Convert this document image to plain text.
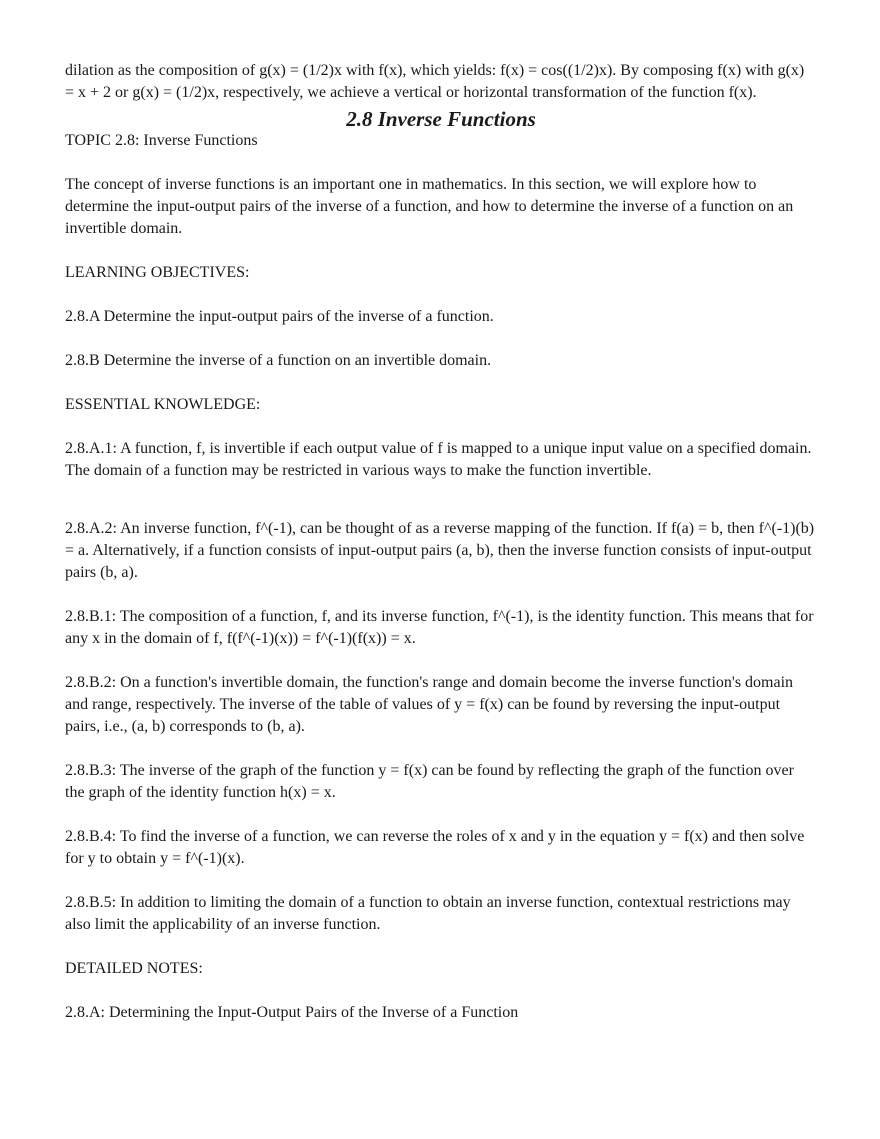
dilation as the composition of g(x) = (1/2)x with f(x), which yields: f(x) = cos((1/2)x). By composing f(x) with g(x) = x + 2 or g(x) = (1/2)x, respectively, we achieve a vertical or horizontal transformation of the function f(x).

2.8 Inverse Functions

TOPIC 2.8: Inverse Functions

The concept of inverse functions is an important one in mathematics. In this section, we will explore how to determine the input-output pairs of the inverse of a function, and how to determine the inverse of a function on an invertible domain.

LEARNING OBJECTIVES:

2.8.A Determine the input-output pairs of the inverse of a function.

2.8.B Determine the inverse of a function on an invertible domain.

ESSENTIAL KNOWLEDGE:

2.8.A.1: A function, f, is invertible if each output value of f is mapped to a unique input value on a specified domain. The domain of a function may be restricted in various ways to make the function invertible.

2.8.A.2: An inverse function, f^(-1), can be thought of as a reverse mapping of the function. If f(a) = b, then f^(-1)(b) = a. Alternatively, if a function consists of input-output pairs (a, b), then the inverse function consists of input-output pairs (b, a).

2.8.B.1: The composition of a function, f, and its inverse function, f^(-1), is the identity function. This means that for any x in the domain of f, f(f^(-1)(x)) = f^(-1)(f(x)) = x.

2.8.B.2: On a function's invertible domain, the function's range and domain become the inverse function's domain and range, respectively. The inverse of the table of values of y = f(x) can be found by reversing the input-output pairs, i.e., (a, b) corresponds to (b, a).

2.8.B.3: The inverse of the graph of the function y = f(x) can be found by reflecting the graph of the function over the graph of the identity function h(x) = x.

2.8.B.4: To find the inverse of a function, we can reverse the roles of x and y in the equation y = f(x) and then solve for y to obtain y = f^(-1)(x).

2.8.B.5: In addition to limiting the domain of a function to obtain an inverse function, contextual restrictions may also limit the applicability of an inverse function.

DETAILED NOTES:

2.8.A: Determining the Input-Output Pairs of the Inverse of a Function
